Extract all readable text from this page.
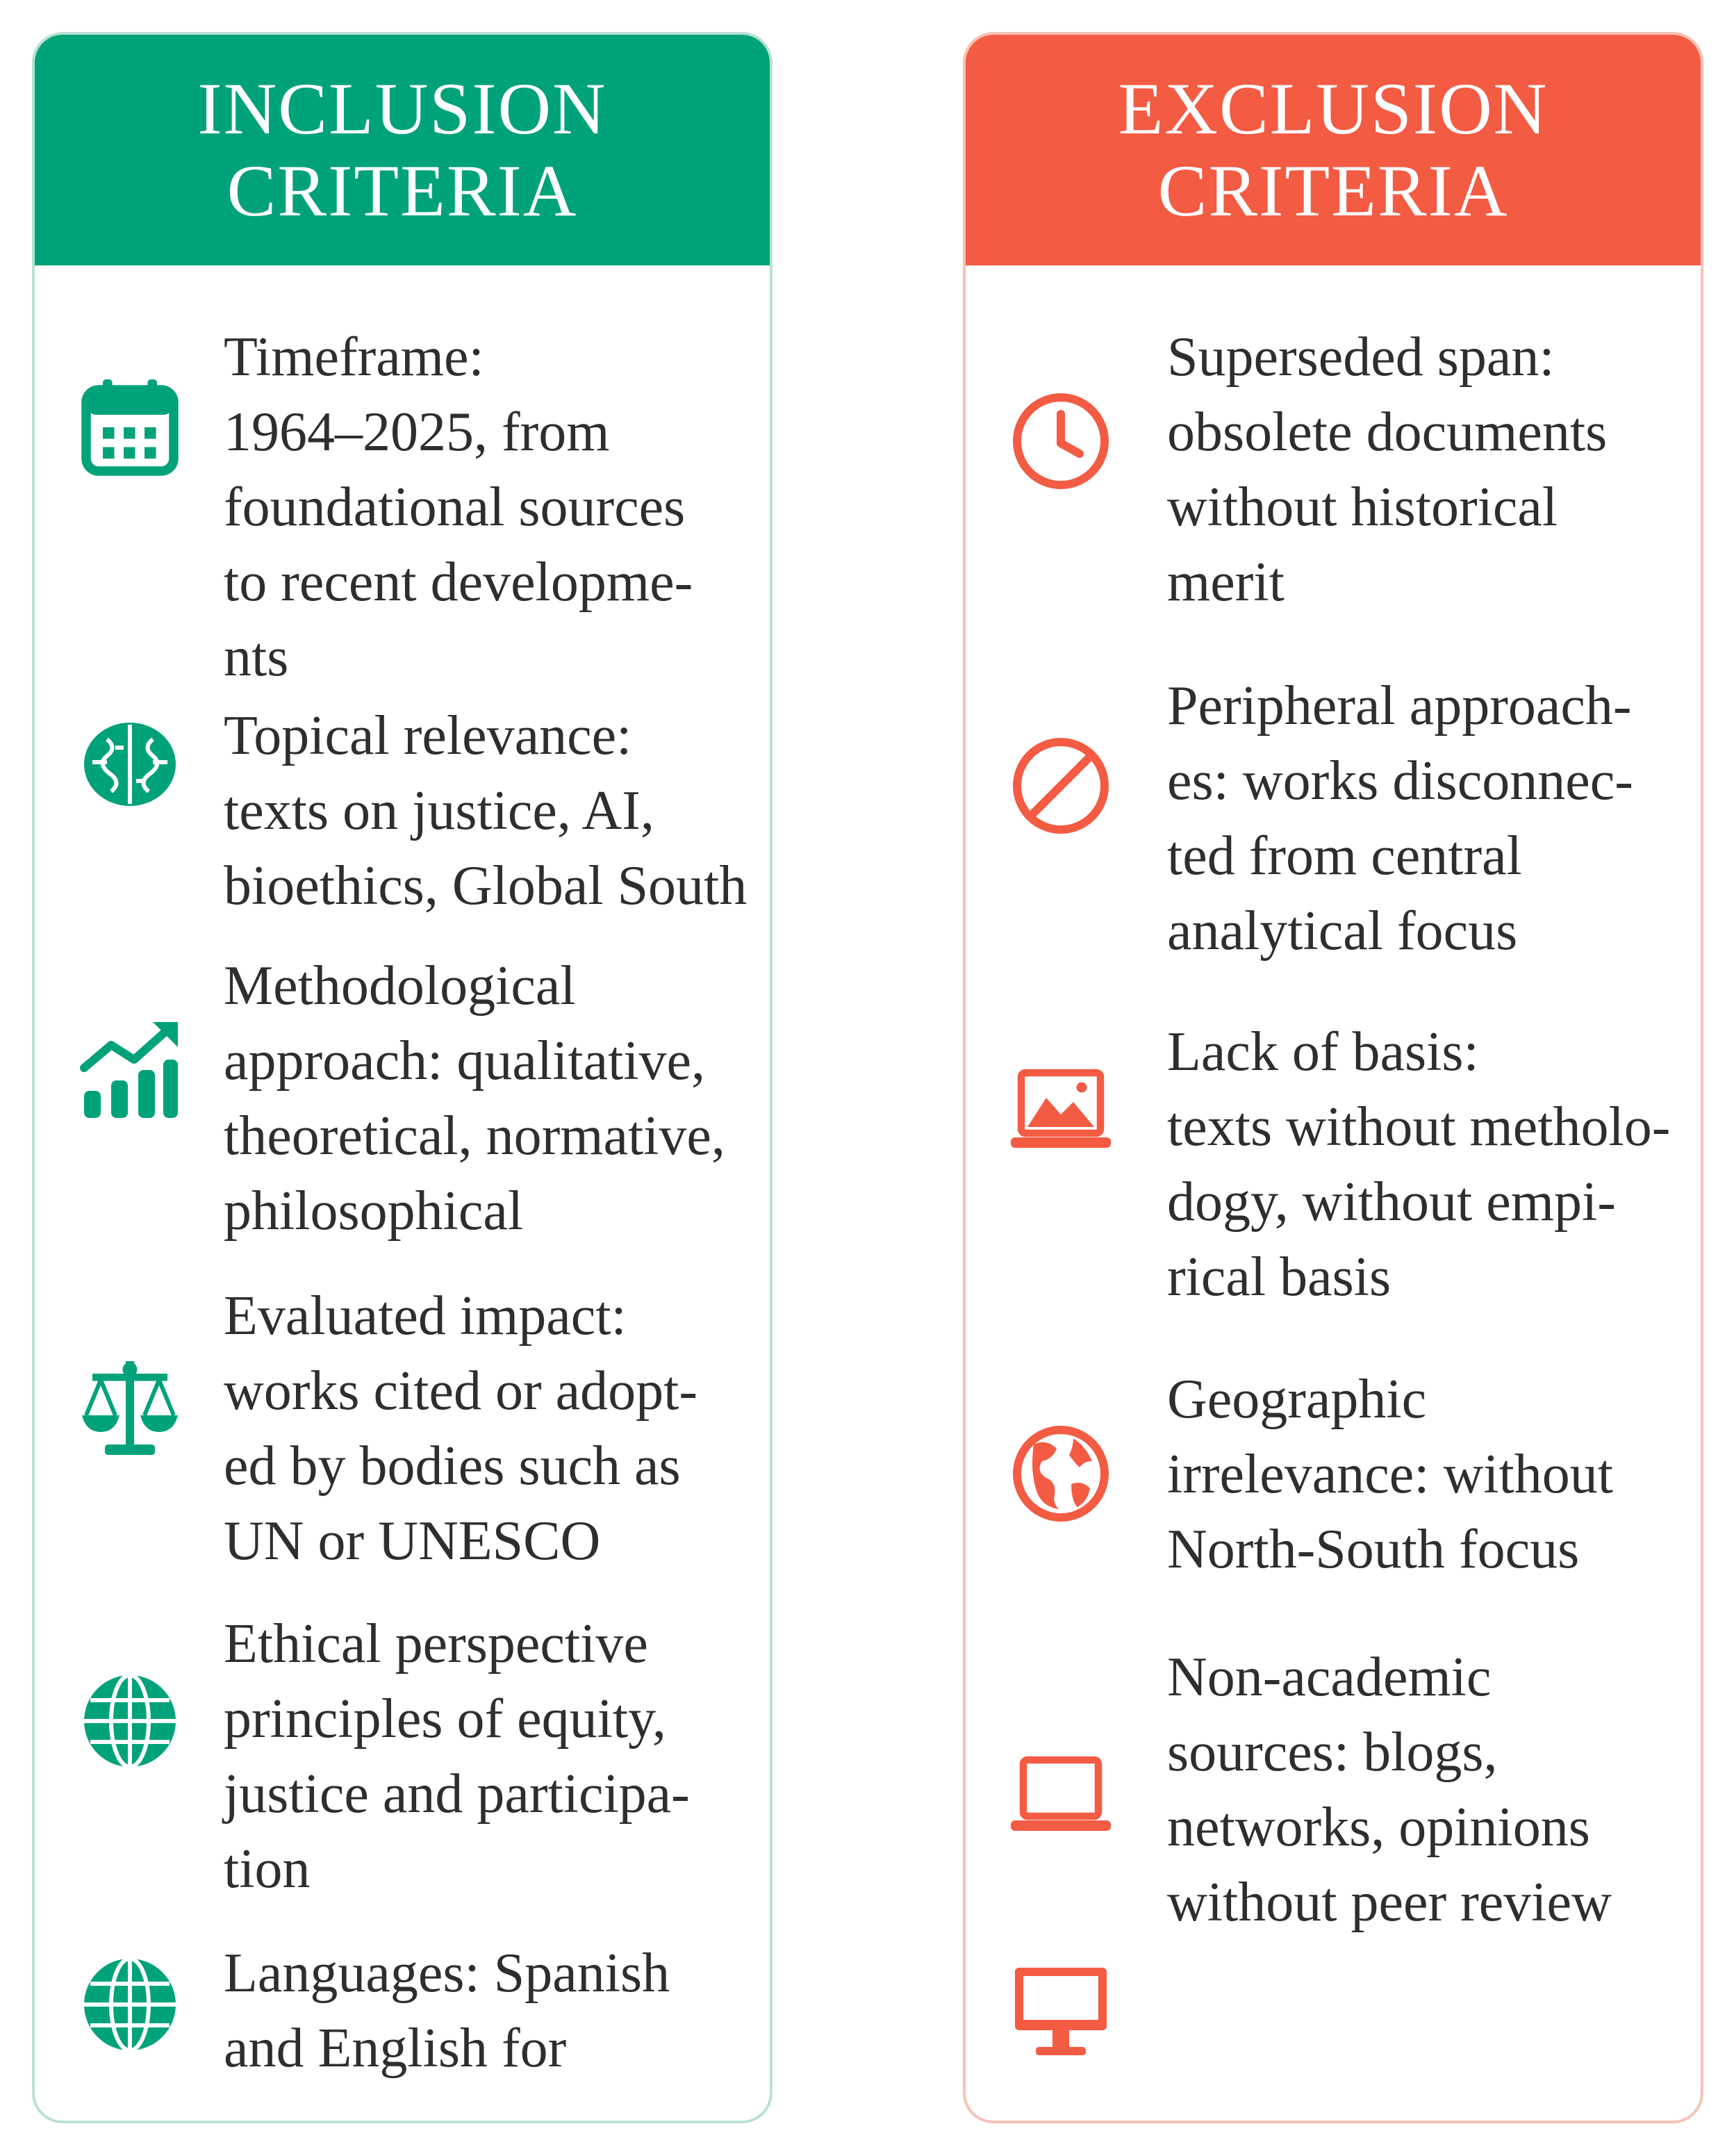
INCLUSION
CRITERIA
Timeframe:
1964–2025, from
foundational sources
to recent developme-
nts
Topical relevance:
texts on justice, AI,
bioethics, Global South
Methodological
approach: qualitative,
theoretical, normative,
philosophical
Evaluated impact:
works cited or adopt-
ed by bodies such as
UN or UNESCO
Ethical perspective
principles of equity,
justice and participa-
tion
Languages: Spanish
and English for
EXCLUSION
CRITERIA
Superseded span:
obsolete documents
without historical
merit
Peripheral approach-
es: works disconnec-
ted from central
analytical focus
Lack of basis:
texts without metholo-
dogy, without empi-
rical basis
Geographic
irrelevance: without
North-South focus
Non-academic
sources: blogs,
networks, opinions
without peer review
